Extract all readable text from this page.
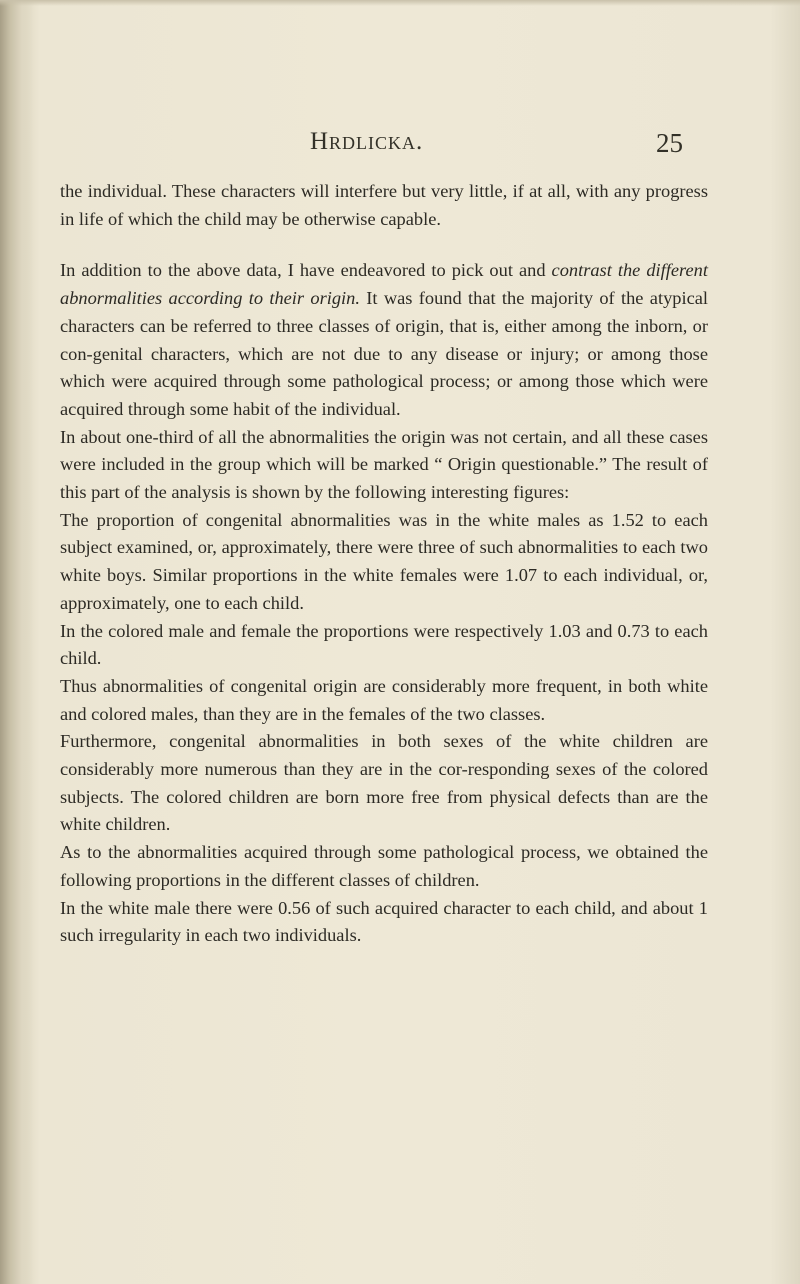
Hrdlicka.	25

the individual. These characters will interfere but very little, if at all, with any progress in life of which the child may be otherwise capable.

In addition to the above data, I have endeavored to pick out and contrast the different abnormalities according to their origin. It was found that the majority of the atypical characters can be referred to three classes of origin, that is, either among the inborn, or con-genital characters, which are not due to any disease or injury; or among those which were acquired through some pathological process; or among those which were acquired through some habit of the individual.

In about one-third of all the abnormalities the origin was not certain, and all these cases were included in the group which will be marked “ Origin questionable.” The result of this part of the analysis is shown by the following interesting figures:

The proportion of congenital abnormalities was in the white males as 1.52 to each subject examined, or, approximately, there were three of such abnormalities to each two white boys. Similar proportions in the white females were 1.07 to each individual, or, approximately, one to each child.

In the colored male and female the proportions were respectively 1.03 and 0.73 to each child.

Thus abnormalities of congenital origin are considerably more frequent, in both white and colored males, than they are in the females of the two classes.

Furthermore, congenital abnormalities in both sexes of the white children are considerably more numerous than they are in the cor-responding sexes of the colored subjects. The colored children are born more free from physical defects than are the white children.

As to the abnormalities acquired through some pathological process, we obtained the following proportions in the different classes of children.

In the white male there were 0.56 of such acquired character to each child, and about 1 such irregularity in each two individuals.
